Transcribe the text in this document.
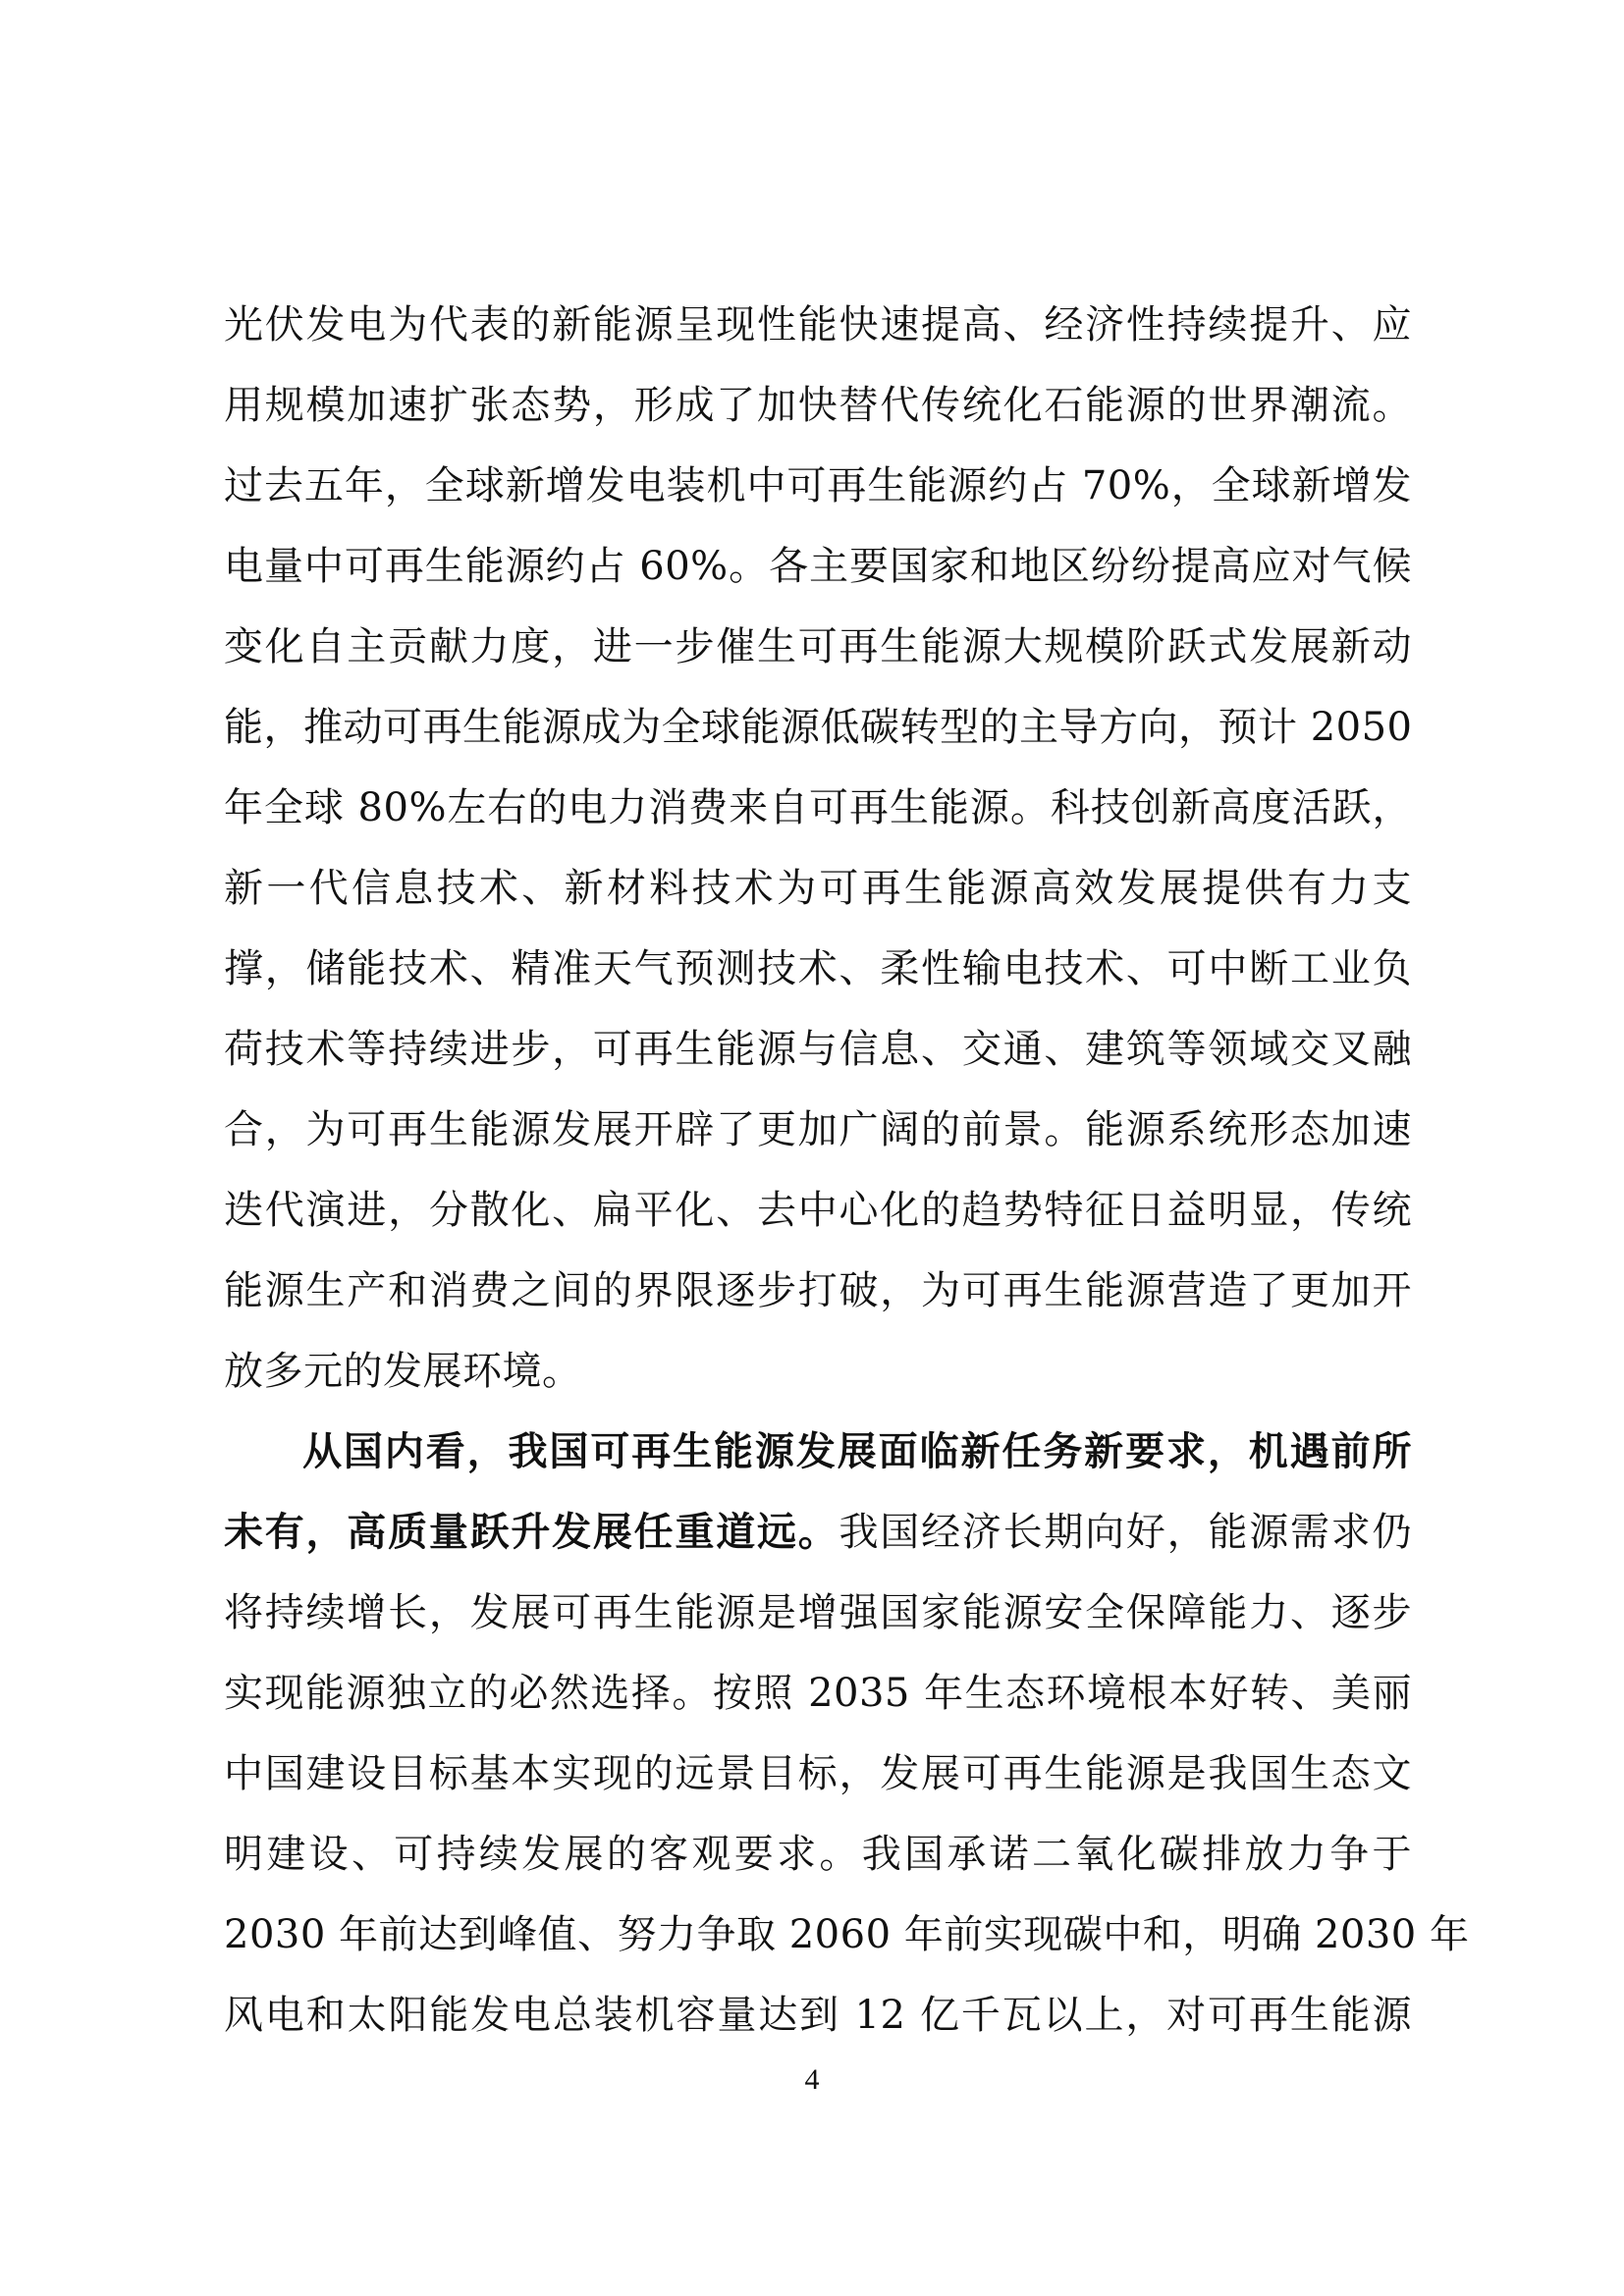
光伏发电为代表的新能源呈现性能快速提高、经济性持续提升、应
用规模加速扩张态势，形成了加快替代传统化石能源的世界潮流。
过去五年，全球新增发电装机中可再生能源约占 70%，全球新增发
电量中可再生能源约占 60%。各主要国家和地区纷纷提高应对气候
变化自主贡献力度，进一步催生可再生能源大规模阶跃式发展新动
能，推动可再生能源成为全球能源低碳转型的主导方向，预计 2050
年全球 80%左右的电力消费来自可再生能源。科技创新高度活跃，
新一代信息技术、新材料技术为可再生能源高效发展提供有力支
撑，储能技术、精准天气预测技术、柔性输电技术、可中断工业负
荷技术等持续进步，可再生能源与信息、交通、建筑等领域交叉融
合，为可再生能源发展开辟了更加广阔的前景。能源系统形态加速
迭代演进，分散化、扁平化、去中心化的趋势特征日益明显，传统
能源生产和消费之间的界限逐步打破，为可再生能源营造了更加开
放多元的发展环境。
从国内看，我国可再生能源发展面临新任务新要求，机遇前所
未有，高质量跃升发展任重道远。我国经济长期向好，能源需求仍
将持续增长，发展可再生能源是增强国家能源安全保障能力、逐步
实现能源独立的必然选择。按照 2035 年生态环境根本好转、美丽
中国建设目标基本实现的远景目标，发展可再生能源是我国生态文
明建设、可持续发展的客观要求。我国承诺二氧化碳排放力争于
2030 年前达到峰值、努力争取 2060 年前实现碳中和，明确 2030 年
风电和太阳能发电总装机容量达到 12 亿千瓦以上，对可再生能源
4
